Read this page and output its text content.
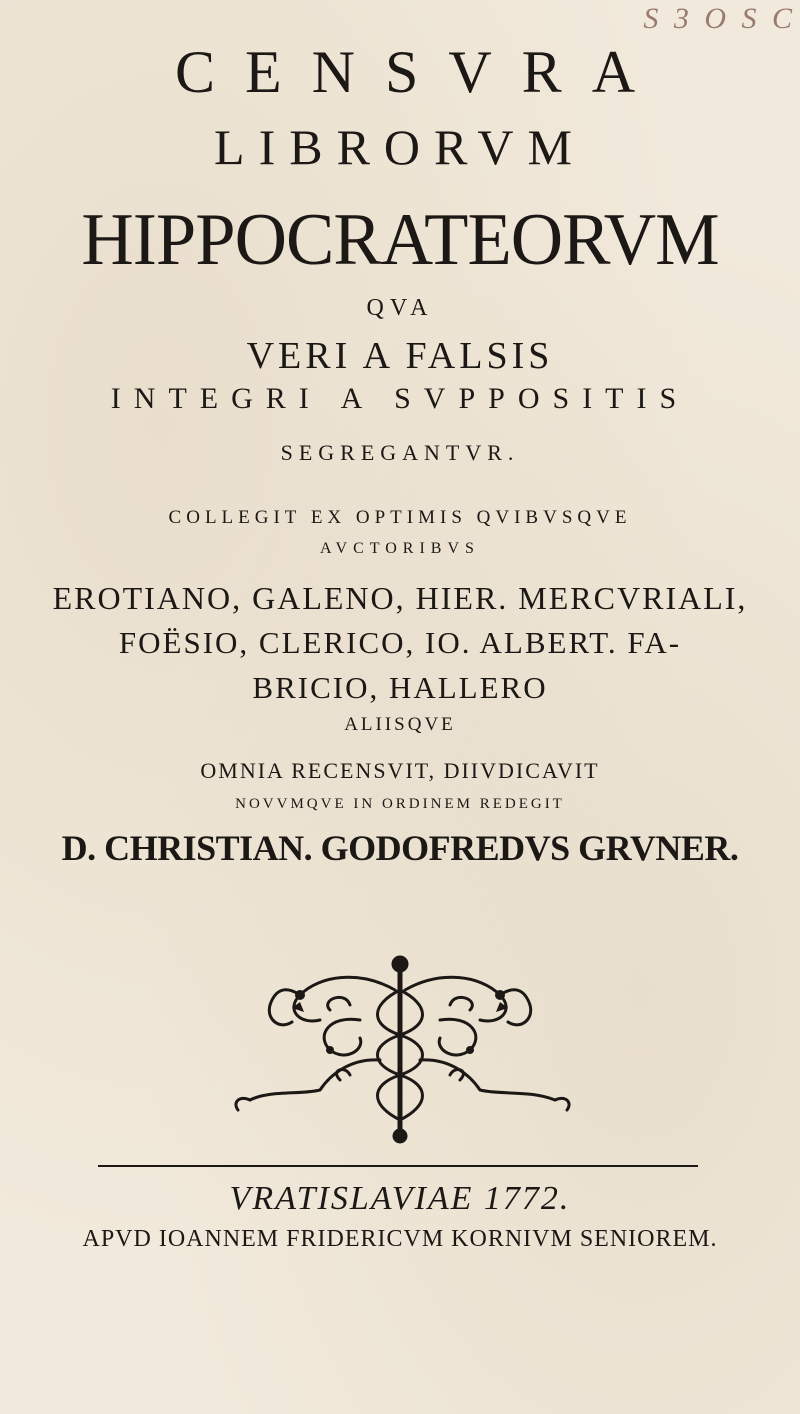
S 3 O S C
CENSVRA
LIBRORVM
HIPPOCRATEORVM
QVA
VERI A FALSIS
INTEGRI A SVPPOSITIS
SEGREGANTVR.
COLLEGIT EX OPTIMIS QVIBVSQVE
AVCTORIBVS
EROTIANO, GALENO, HIER. MERCVRIALI,
FOËSIO, CLERICO, IO. ALBERT. FA-
BRICIO, HALLERO
ALIISQVE
OMNIA RECENSVIT, DIIVDICAVIT
NOVVMQVE IN ORDINEM REDEGIT
D. CHRISTIAN. GODOFREDVS GRVNER.
VRATISLAVIAE 1772.
APVD IOANNEM FRIDERICVM KORNIVM SENIOREM.
